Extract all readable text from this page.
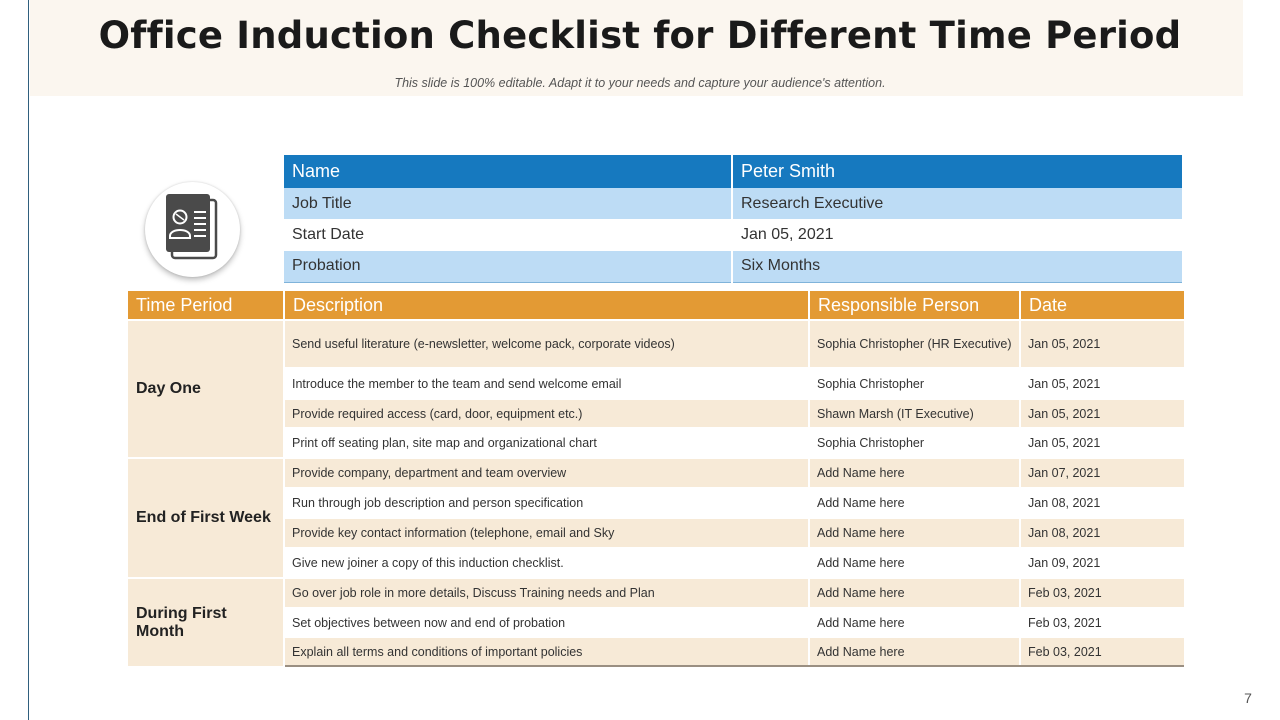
Office Induction Checklist for Different Time Period

This slide is 100% editable. Adapt it to your needs and capture your audience's attention.

Name	Peter Smith
Job Title	Research Executive
Start Date	Jan 05, 2021
Probation	Six Months
Time Period	Description	Responsible Person	Date
Day One	Send useful literature (e-newsletter, welcome pack, corporate videos)	Sophia Christopher (HR Executive)	Jan 05, 2021
	Introduce the member to the team and send welcome email	Sophia Christopher	Jan 05, 2021
	Provide required access (card, door, equipment etc.)	Shawn Marsh (IT Executive)	Jan 05, 2021
	Print off seating plan, site map and organizational chart	Sophia Christopher	Jan 05, 2021
End of First Week	Provide company, department and team overview	Add Name here	Jan 07, 2021
	Run through job description and person specification	Add Name here	Jan 08, 2021
	Provide key contact information (telephone, email and Sky	Add Name here	Jan 08, 2021
	Give new joiner a copy of this induction checklist.	Add Name here	Jan 09, 2021
During First Month	Go over job role in more details, Discuss Training needs and Plan	Add Name here	Feb 03, 2021
	Set objectives between now and end of probation	Add Name here	Feb 03, 2021
	Explain all terms and conditions of important policies	Add Name here	Feb 03, 2021
7
